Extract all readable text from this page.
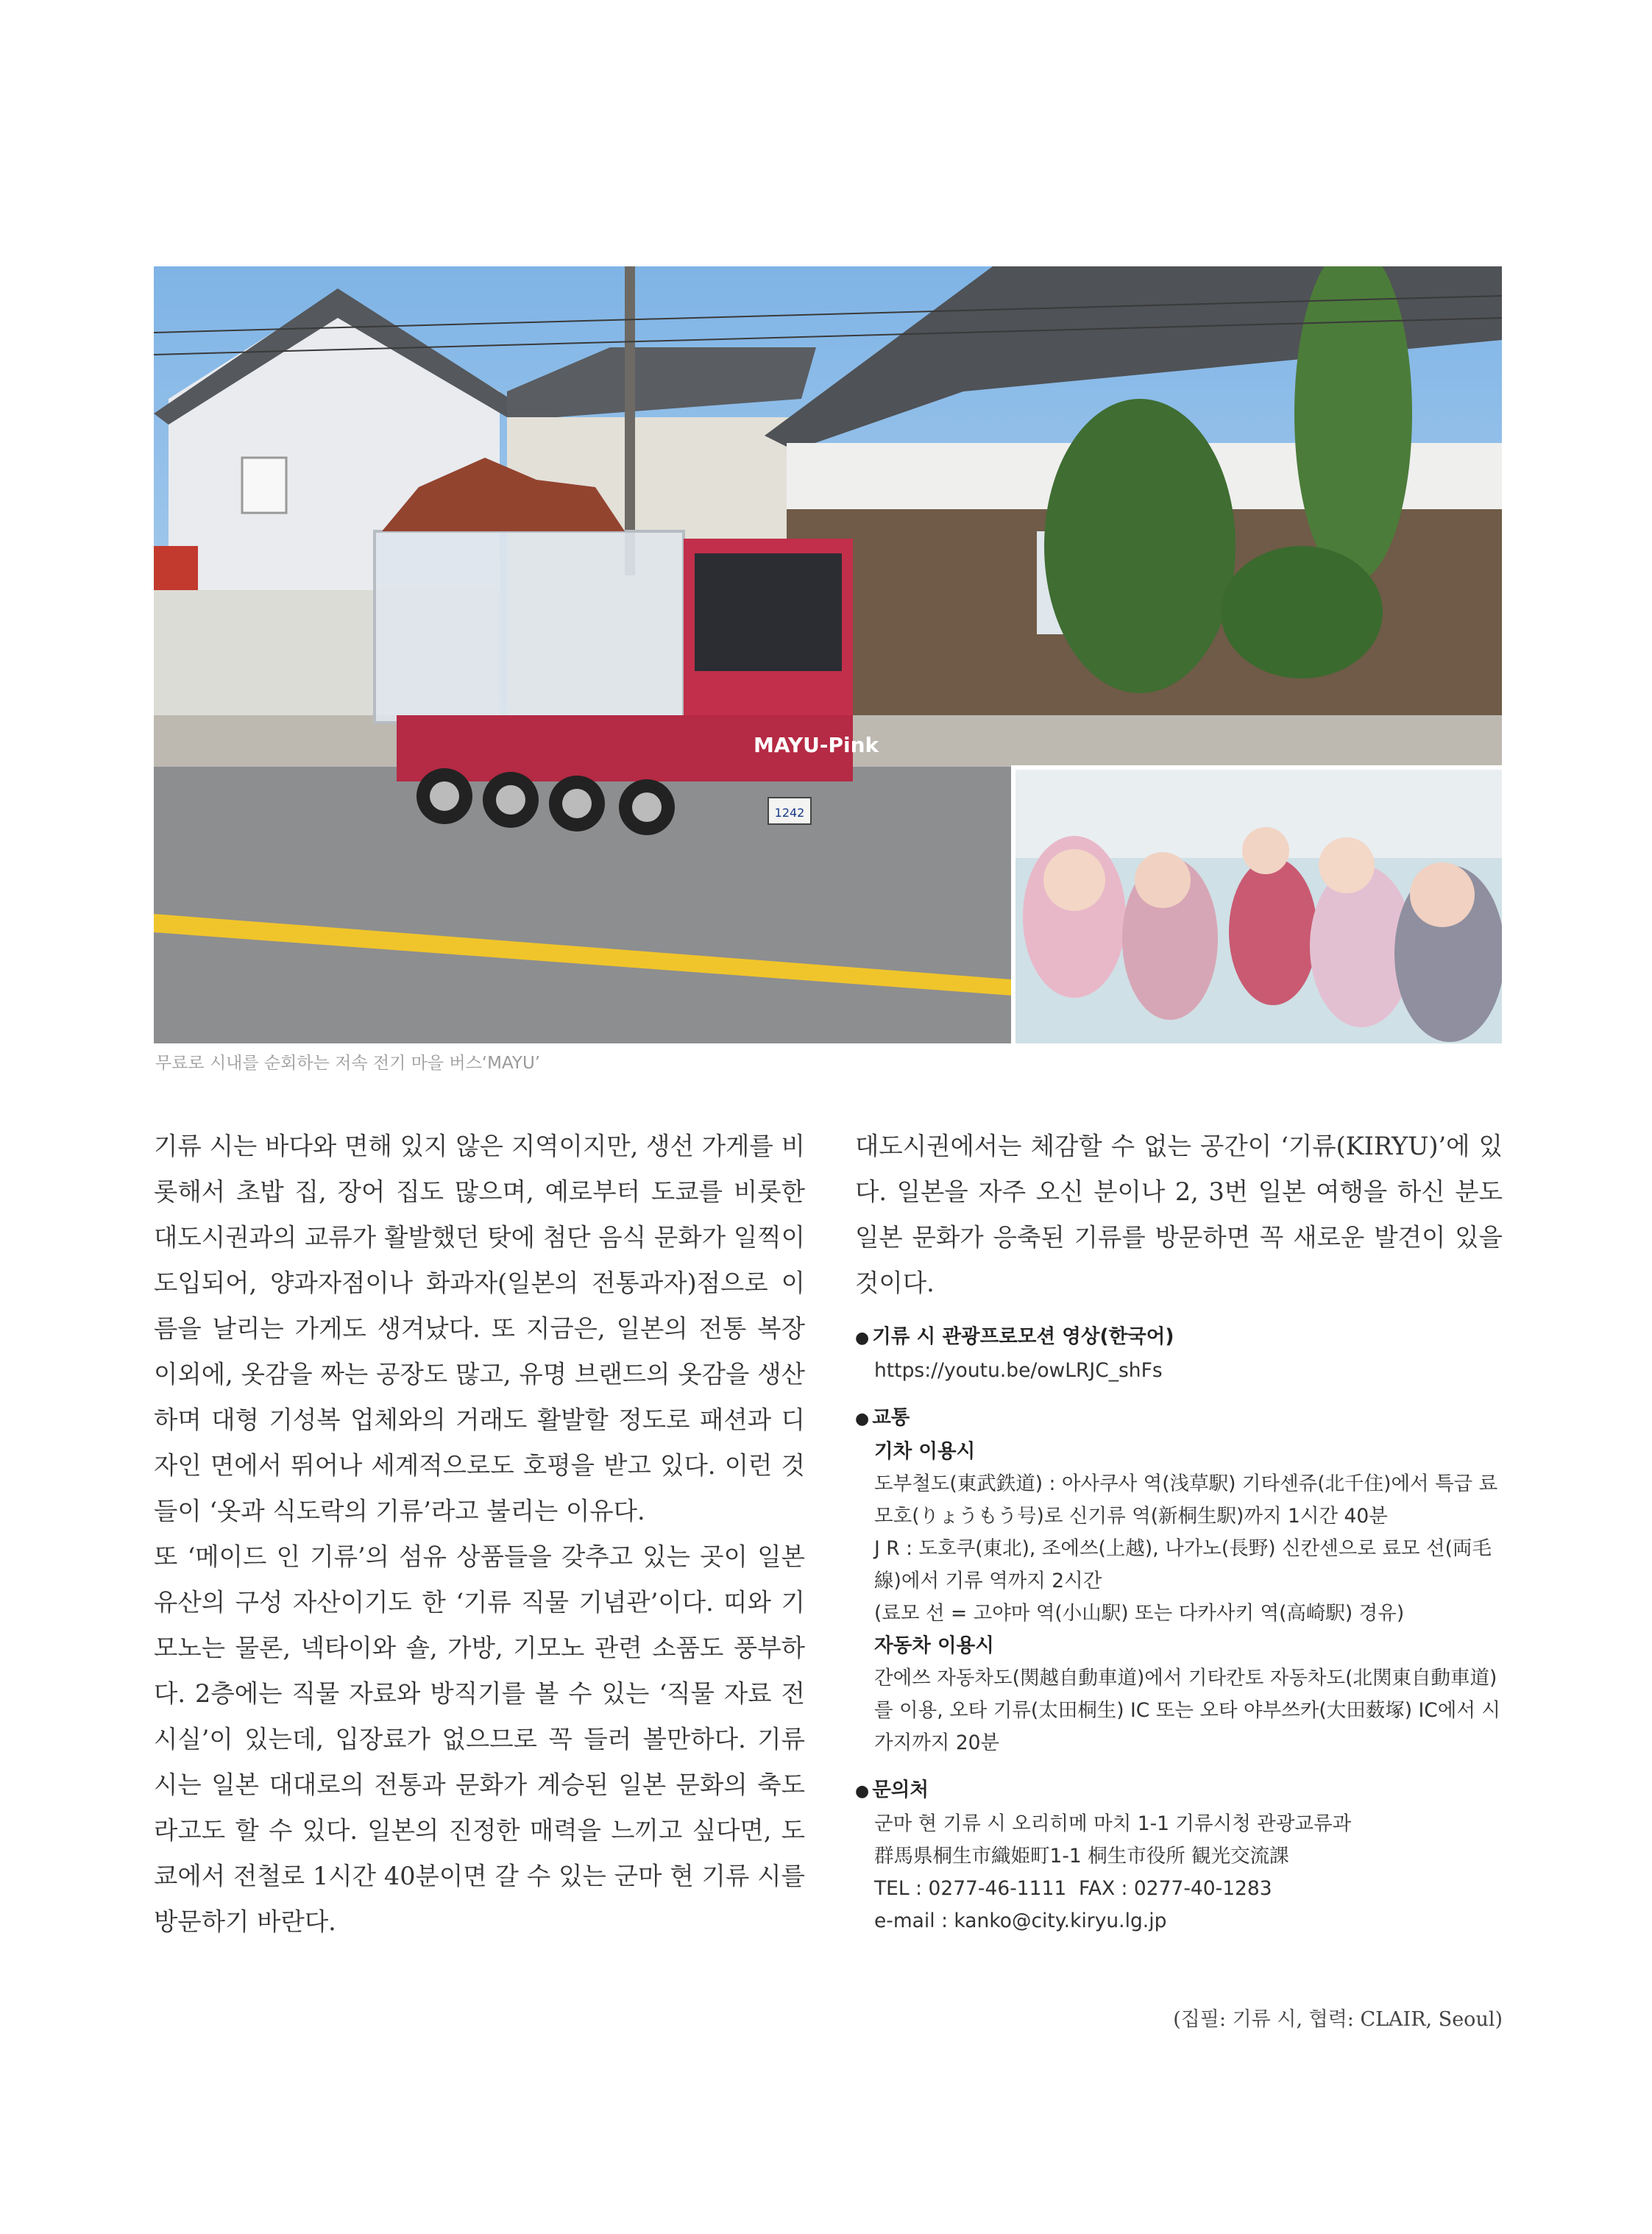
MAYU-Pink
1242
무료로 시내를 순회하는 저속 전기 마을 버스‘MAYU’

기류 시는 바다와 면해 있지 않은 지역이지만, 생선 가게를 비롯해서 초밥 집, 장어 집도 많으며, 예로부터 도쿄를 비롯한 대도시권과의 교류가 활발했던 탓에 첨단 음식 문화가 일찍이 도입되어, 양과자점이나 화과자(일본의 전통과자)점으로 이름을 날리는 가게도 생겨났다. 또 지금은, 일본의 전통 복장 이외에, 옷감을 짜는 공장도 많고, 유명 브랜드의 옷감을 생산하며 대형 기성복 업체와의 거래도 활발할 정도로 패션과 디자인 면에서 뛰어나 세계적으로도 호평을 받고 있다. 이런 것들이 ‘옷과 식도락의 기류’라고 불리는 이유다.

또 ‘메이드 인 기류’의 섬유 상품들을 갖추고 있는 곳이 일본유산의 구성 자산이기도 한 ‘기류 직물 기념관’이다. 띠와 기모노는 물론, 넥타이와 숄, 가방, 기모노 관련 소품도 풍부하다. 2층에는 직물 자료와 방직기를 볼 수 있는 ‘직물 자료 전시실’이 있는데, 입장료가 없으므로 꼭 들러 볼만하다. 기류 시는 일본 대대로의 전통과 문화가 계승된 일본 문화의 축도라고도 할 수 있다. 일본의 진정한 매력을 느끼고 싶다면, 도쿄에서 전철로 1시간 40분이면 갈 수 있는 군마 현 기류 시를 방문하기 바란다.

대도시권에서는 체감할 수 없는 공간이 ‘기류(KIRYU)’에 있다. 일본을 자주 오신 분이나 2, 3번 일본 여행을 하신 분도 일본 문화가 응축된 기류를 방문하면 꼭 새로운 발견이 있을 것이다.

● 기류 시 관광프로모션 영상(한국어)
https://youtu.be/owLRJC_shFs
● 교통
기차 이용시
도부철도(東武鉄道) : 아사쿠사 역(浅草駅) 기타센쥬(北千住)에서 특급 료모호(りょうもう号)로 신기류 역(新桐生駅)까지 1시간 40분
J R : 도호쿠(東北), 조에쓰(上越), 나가노(長野) 신칸센으로 료모 선(両毛線)에서 기류 역까지 2시간
(료모 선 = 고야마 역(小山駅) 또는 다카사키 역(高崎駅) 경유)
자동차 이용시
간에쓰 자동차도(関越自動車道)에서 기타칸토 자동차도(北関東自動車道)를 이용, 오타 기류(太田桐生) IC 또는 오타 야부쓰카(大田薮塚) IC에서 시가지까지 20분
● 문의처
군마 현 기류 시 오리히메 마치 1-1 기류시청 관광교류과
群馬県桐生市織姫町1-1 桐生市役所 観光交流課
TEL : 0277-46-1111  FAX : 0277-40-1283
e-mail : kanko@city.kiryu.lg.jp
(집필: 기류 시, 협력: CLAIR, Seoul)
